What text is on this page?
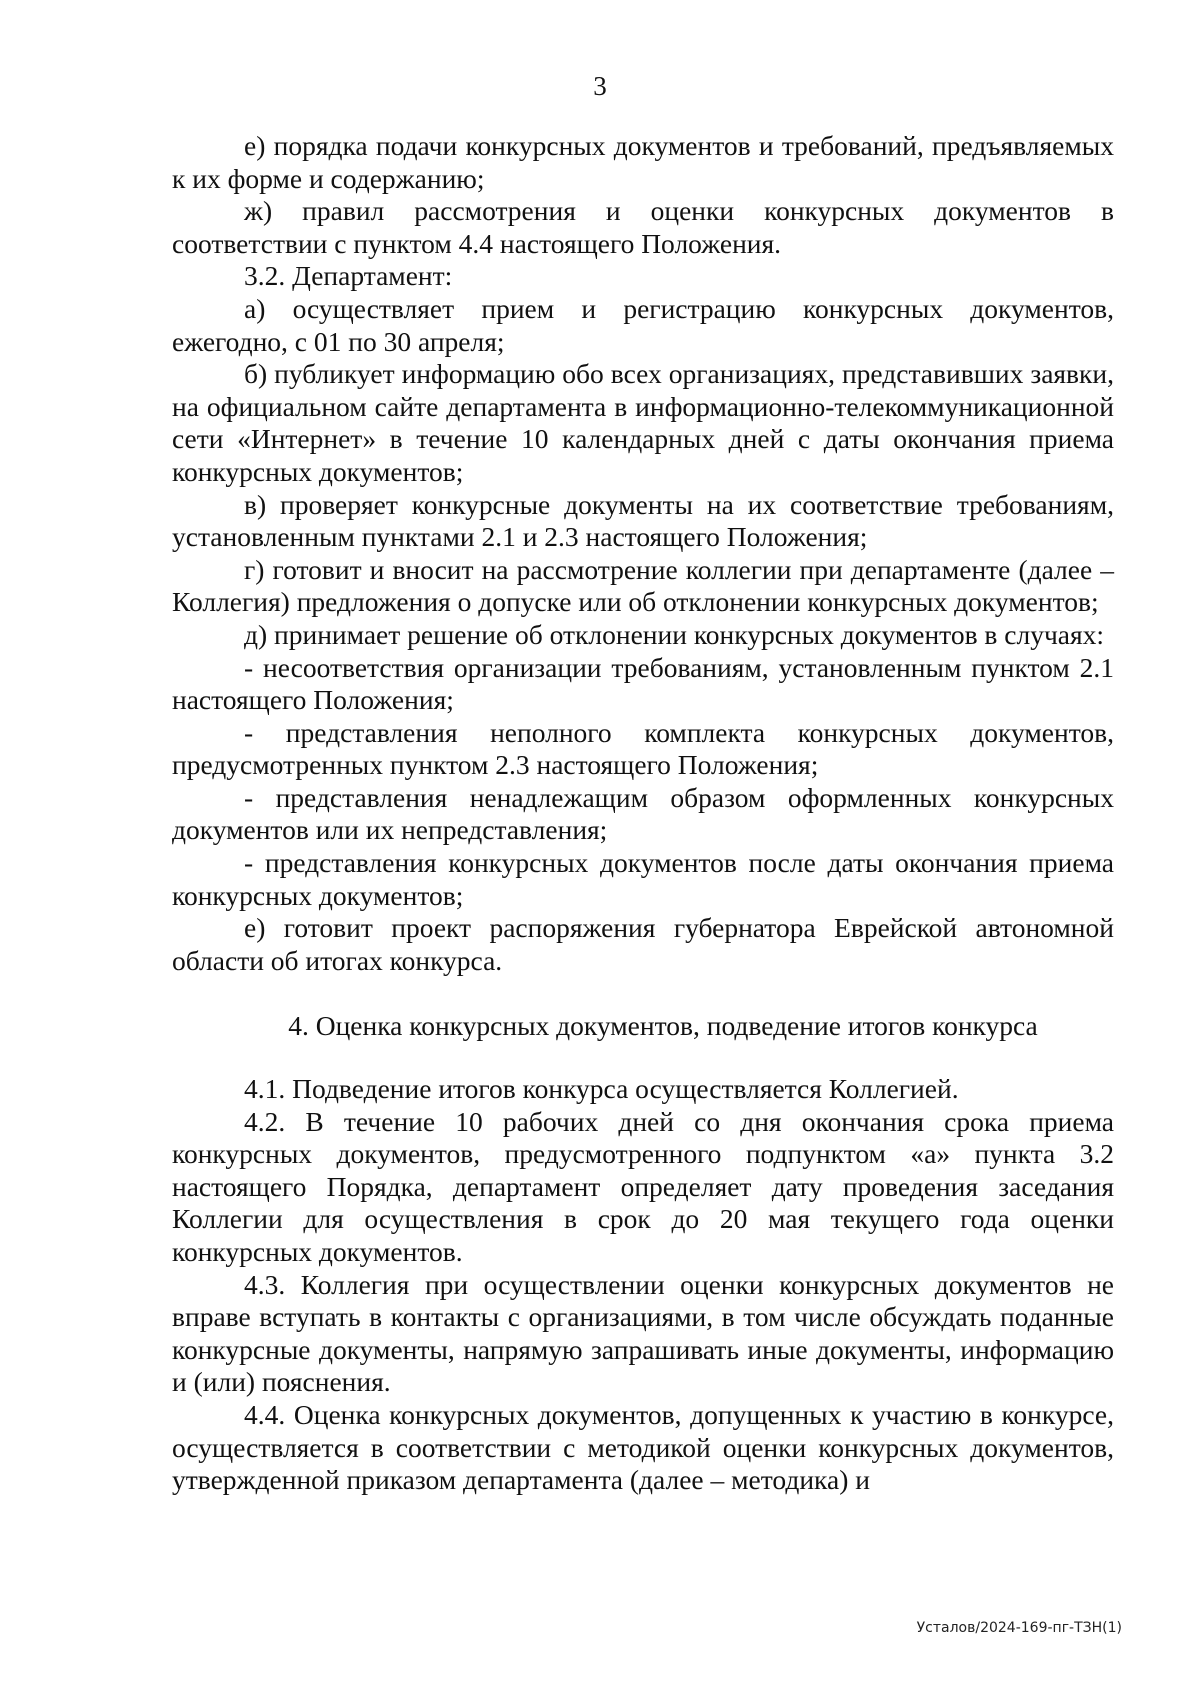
3

е) порядка подачи конкурсных документов и требований, предъявляемых к их форме и содержанию;

ж) правил рассмотрения и оценки конкурсных документов в соответствии с пунктом 4.4 настоящего Положения.

3.2. Департамент:

а) осуществляет прием и регистрацию конкурсных документов, ежегодно, с 01 по 30 апреля;

б) публикует информацию обо всех организациях, представивших заявки, на официальном сайте департамента в информационно-телекоммуникационной сети «Интернет» в течение 10 календарных дней с даты окончания приема конкурсных документов;

в) проверяет конкурсные документы на их соответствие требованиям, установленным пунктами 2.1 и 2.3 настоящего Положения;

г) готовит и вносит на рассмотрение коллегии при департаменте (далее – Коллегия) предложения о допуске или об отклонении конкурсных документов;

д) принимает решение об отклонении конкурсных документов в случаях:

- несоответствия организации требованиям, установленным пунктом 2.1 настоящего Положения;

- представления неполного комплекта конкурсных документов, предусмотренных пунктом 2.3 настоящего Положения;

- представления ненадлежащим образом оформленных конкурсных документов или их непредставления;

- представления конкурсных документов после даты окончания приема конкурсных документов;

е) готовит проект распоряжения губернатора Еврейской автономной области об итогах конкурса.

4. Оценка конкурсных документов, подведение итогов конкурса

4.1. Подведение итогов конкурса осуществляется Коллегией.

4.2. В течение 10 рабочих дней со дня окончания срока приема конкурсных документов, предусмотренного подпунктом «а» пункта 3.2 настоящего Порядка, департамент определяет дату проведения заседания Коллегии для осуществления в срок до 20 мая текущего года оценки конкурсных документов.

4.3. Коллегия при осуществлении оценки конкурсных документов не вправе вступать в контакты с организациями, в том числе обсуждать поданные конкурсные документы, напрямую запрашивать иные документы, информацию и (или) пояснения.

4.4. Оценка конкурсных документов, допущенных к участию в конкурсе, осуществляется в соответствии с методикой оценки конкурсных документов, утвержденной приказом департамента (далее – методика) и

Усталов/2024-169-пг-ТЗН(1)
